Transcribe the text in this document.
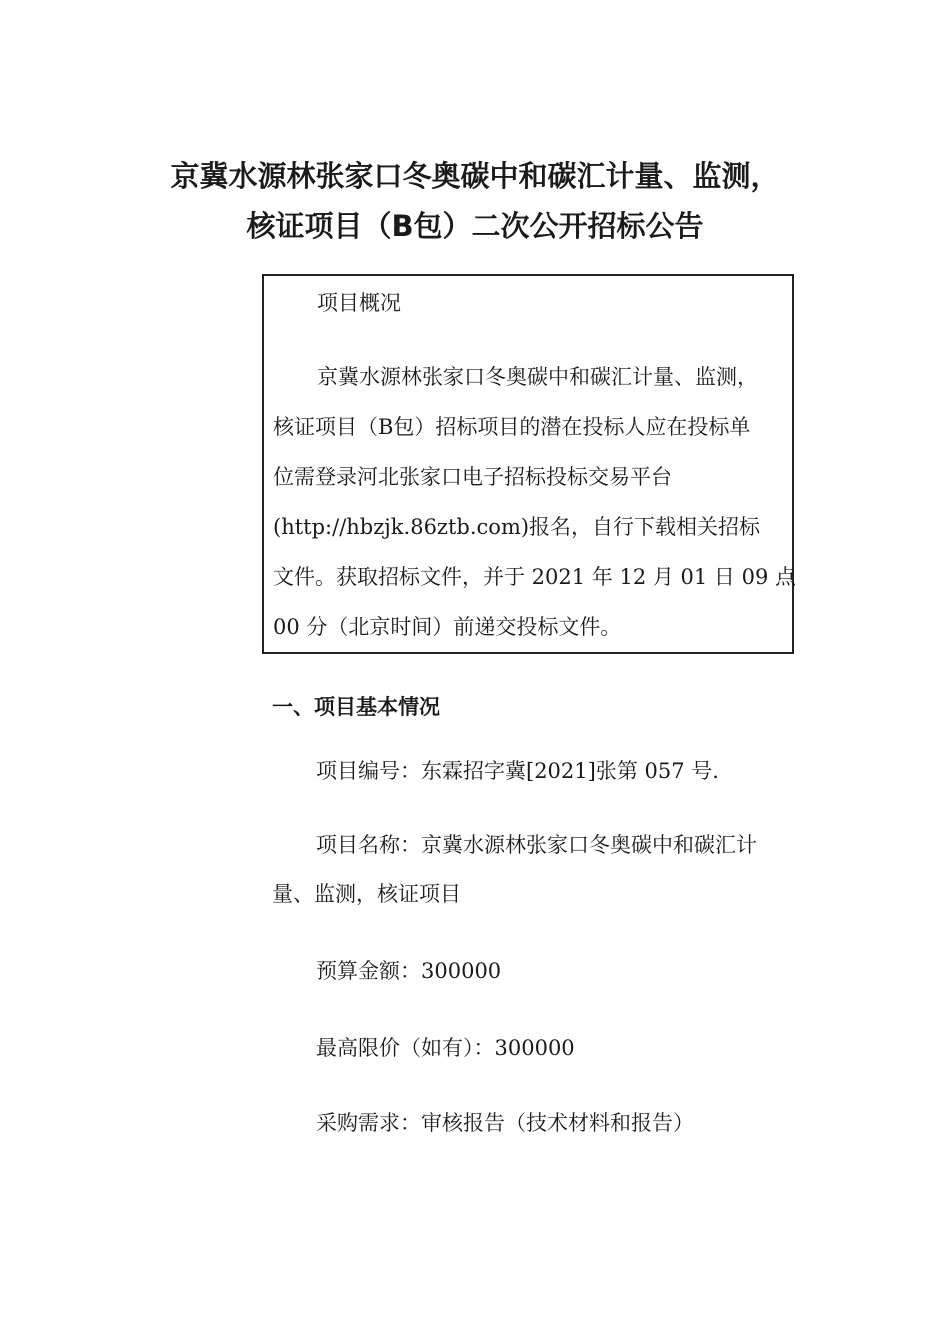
京冀水源林张家口冬奥碳中和碳汇计量、监测，
核证项目（B包）二次公开招标公告
项目概况
京冀水源林张家口冬奥碳中和碳汇计量、监测，
核证项目（B包）招标项目的潜在投标人应在投标单
位需登录河北张家口电子招标投标交易平台
(http://hbzjk.86ztb.com)报名，自行下载相关招标
文件。获取招标文件，并于 2021 年 12 月 01 日 09 点
00 分（北京时间）前递交投标文件。
一、项目基本情况
项目编号：东霖招字冀[2021]张第 057 号.
项目名称：京冀水源林张家口冬奥碳中和碳汇计
量、监测，核证项目
预算金额：300000
最高限价（如有）：300000
采购需求：审核报告（技术材料和报告）
